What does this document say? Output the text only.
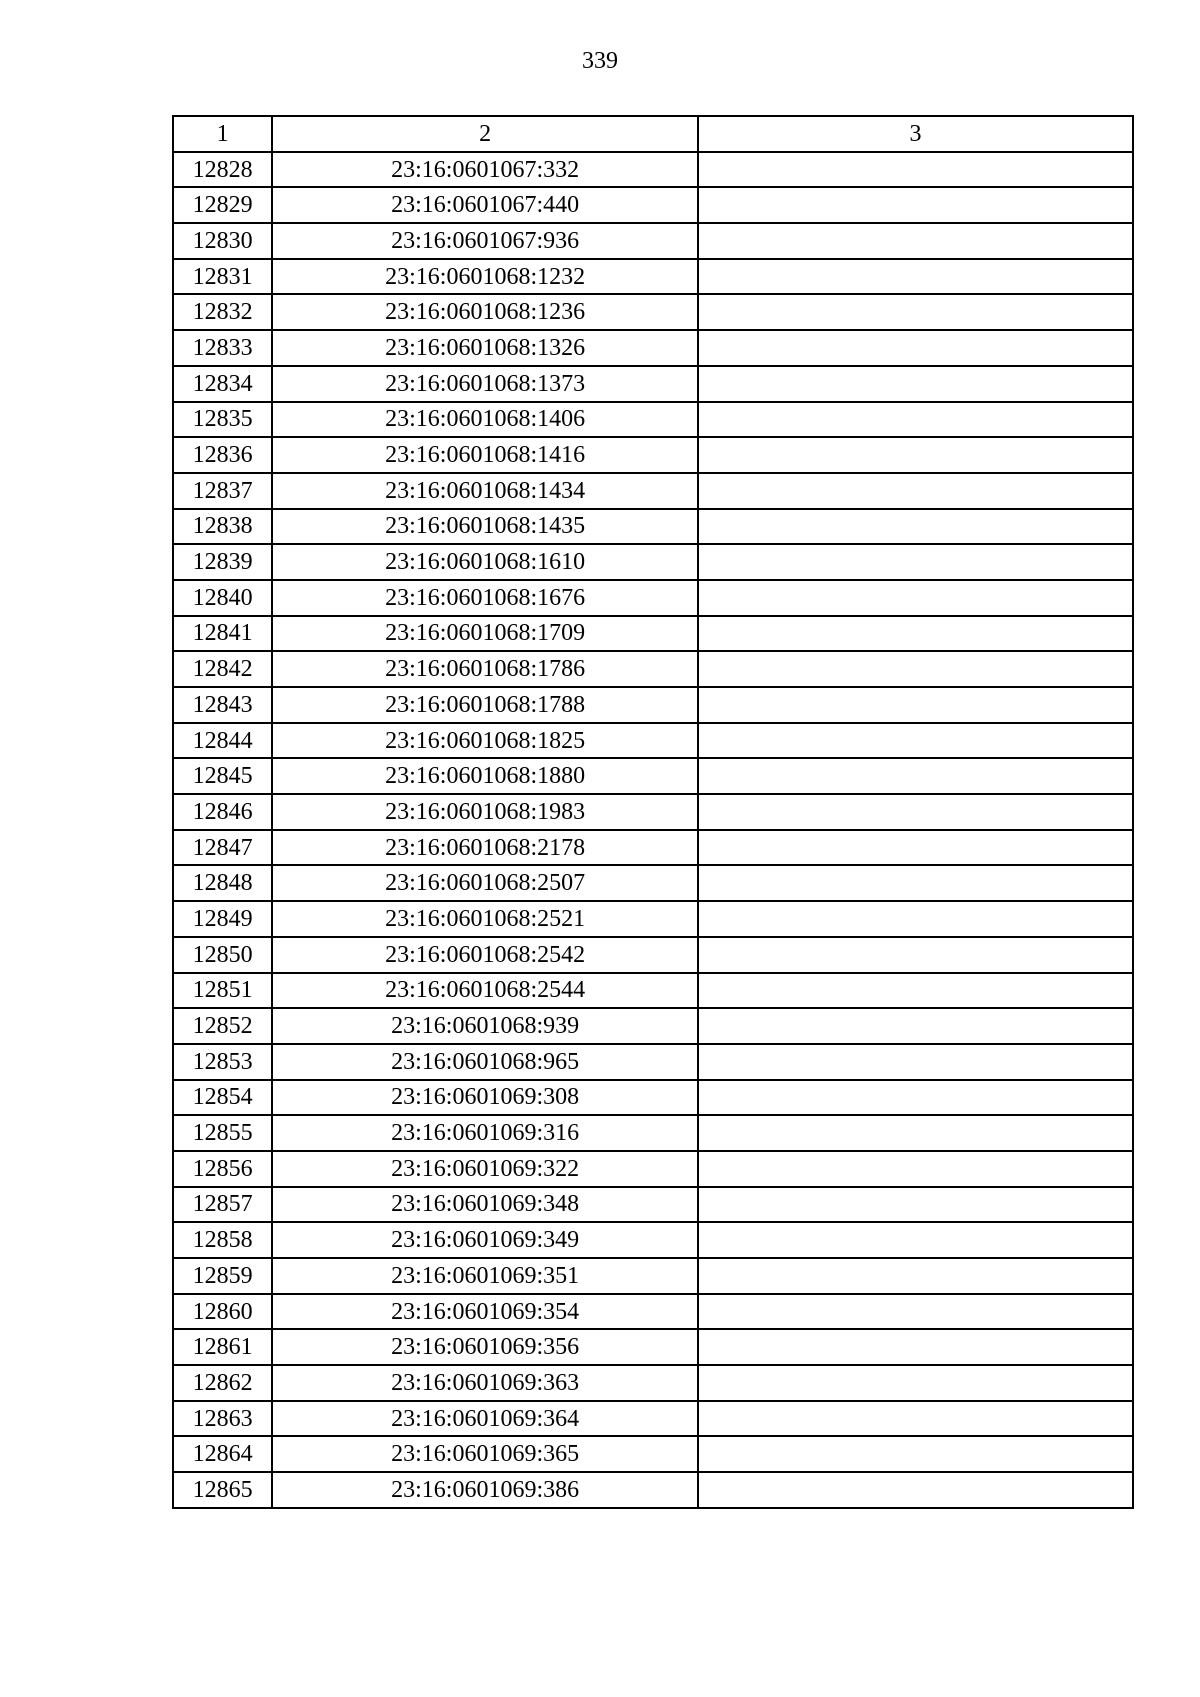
339
1	2	3
12828	23:16:0601067:332	
12829	23:16:0601067:440	
12830	23:16:0601067:936	
12831	23:16:0601068:1232	
12832	23:16:0601068:1236	
12833	23:16:0601068:1326	
12834	23:16:0601068:1373	
12835	23:16:0601068:1406	
12836	23:16:0601068:1416	
12837	23:16:0601068:1434	
12838	23:16:0601068:1435	
12839	23:16:0601068:1610	
12840	23:16:0601068:1676	
12841	23:16:0601068:1709	
12842	23:16:0601068:1786	
12843	23:16:0601068:1788	
12844	23:16:0601068:1825	
12845	23:16:0601068:1880	
12846	23:16:0601068:1983	
12847	23:16:0601068:2178	
12848	23:16:0601068:2507	
12849	23:16:0601068:2521	
12850	23:16:0601068:2542	
12851	23:16:0601068:2544	
12852	23:16:0601068:939	
12853	23:16:0601068:965	
12854	23:16:0601069:308	
12855	23:16:0601069:316	
12856	23:16:0601069:322	
12857	23:16:0601069:348	
12858	23:16:0601069:349	
12859	23:16:0601069:351	
12860	23:16:0601069:354	
12861	23:16:0601069:356	
12862	23:16:0601069:363	
12863	23:16:0601069:364	
12864	23:16:0601069:365	
12865	23:16:0601069:386	
